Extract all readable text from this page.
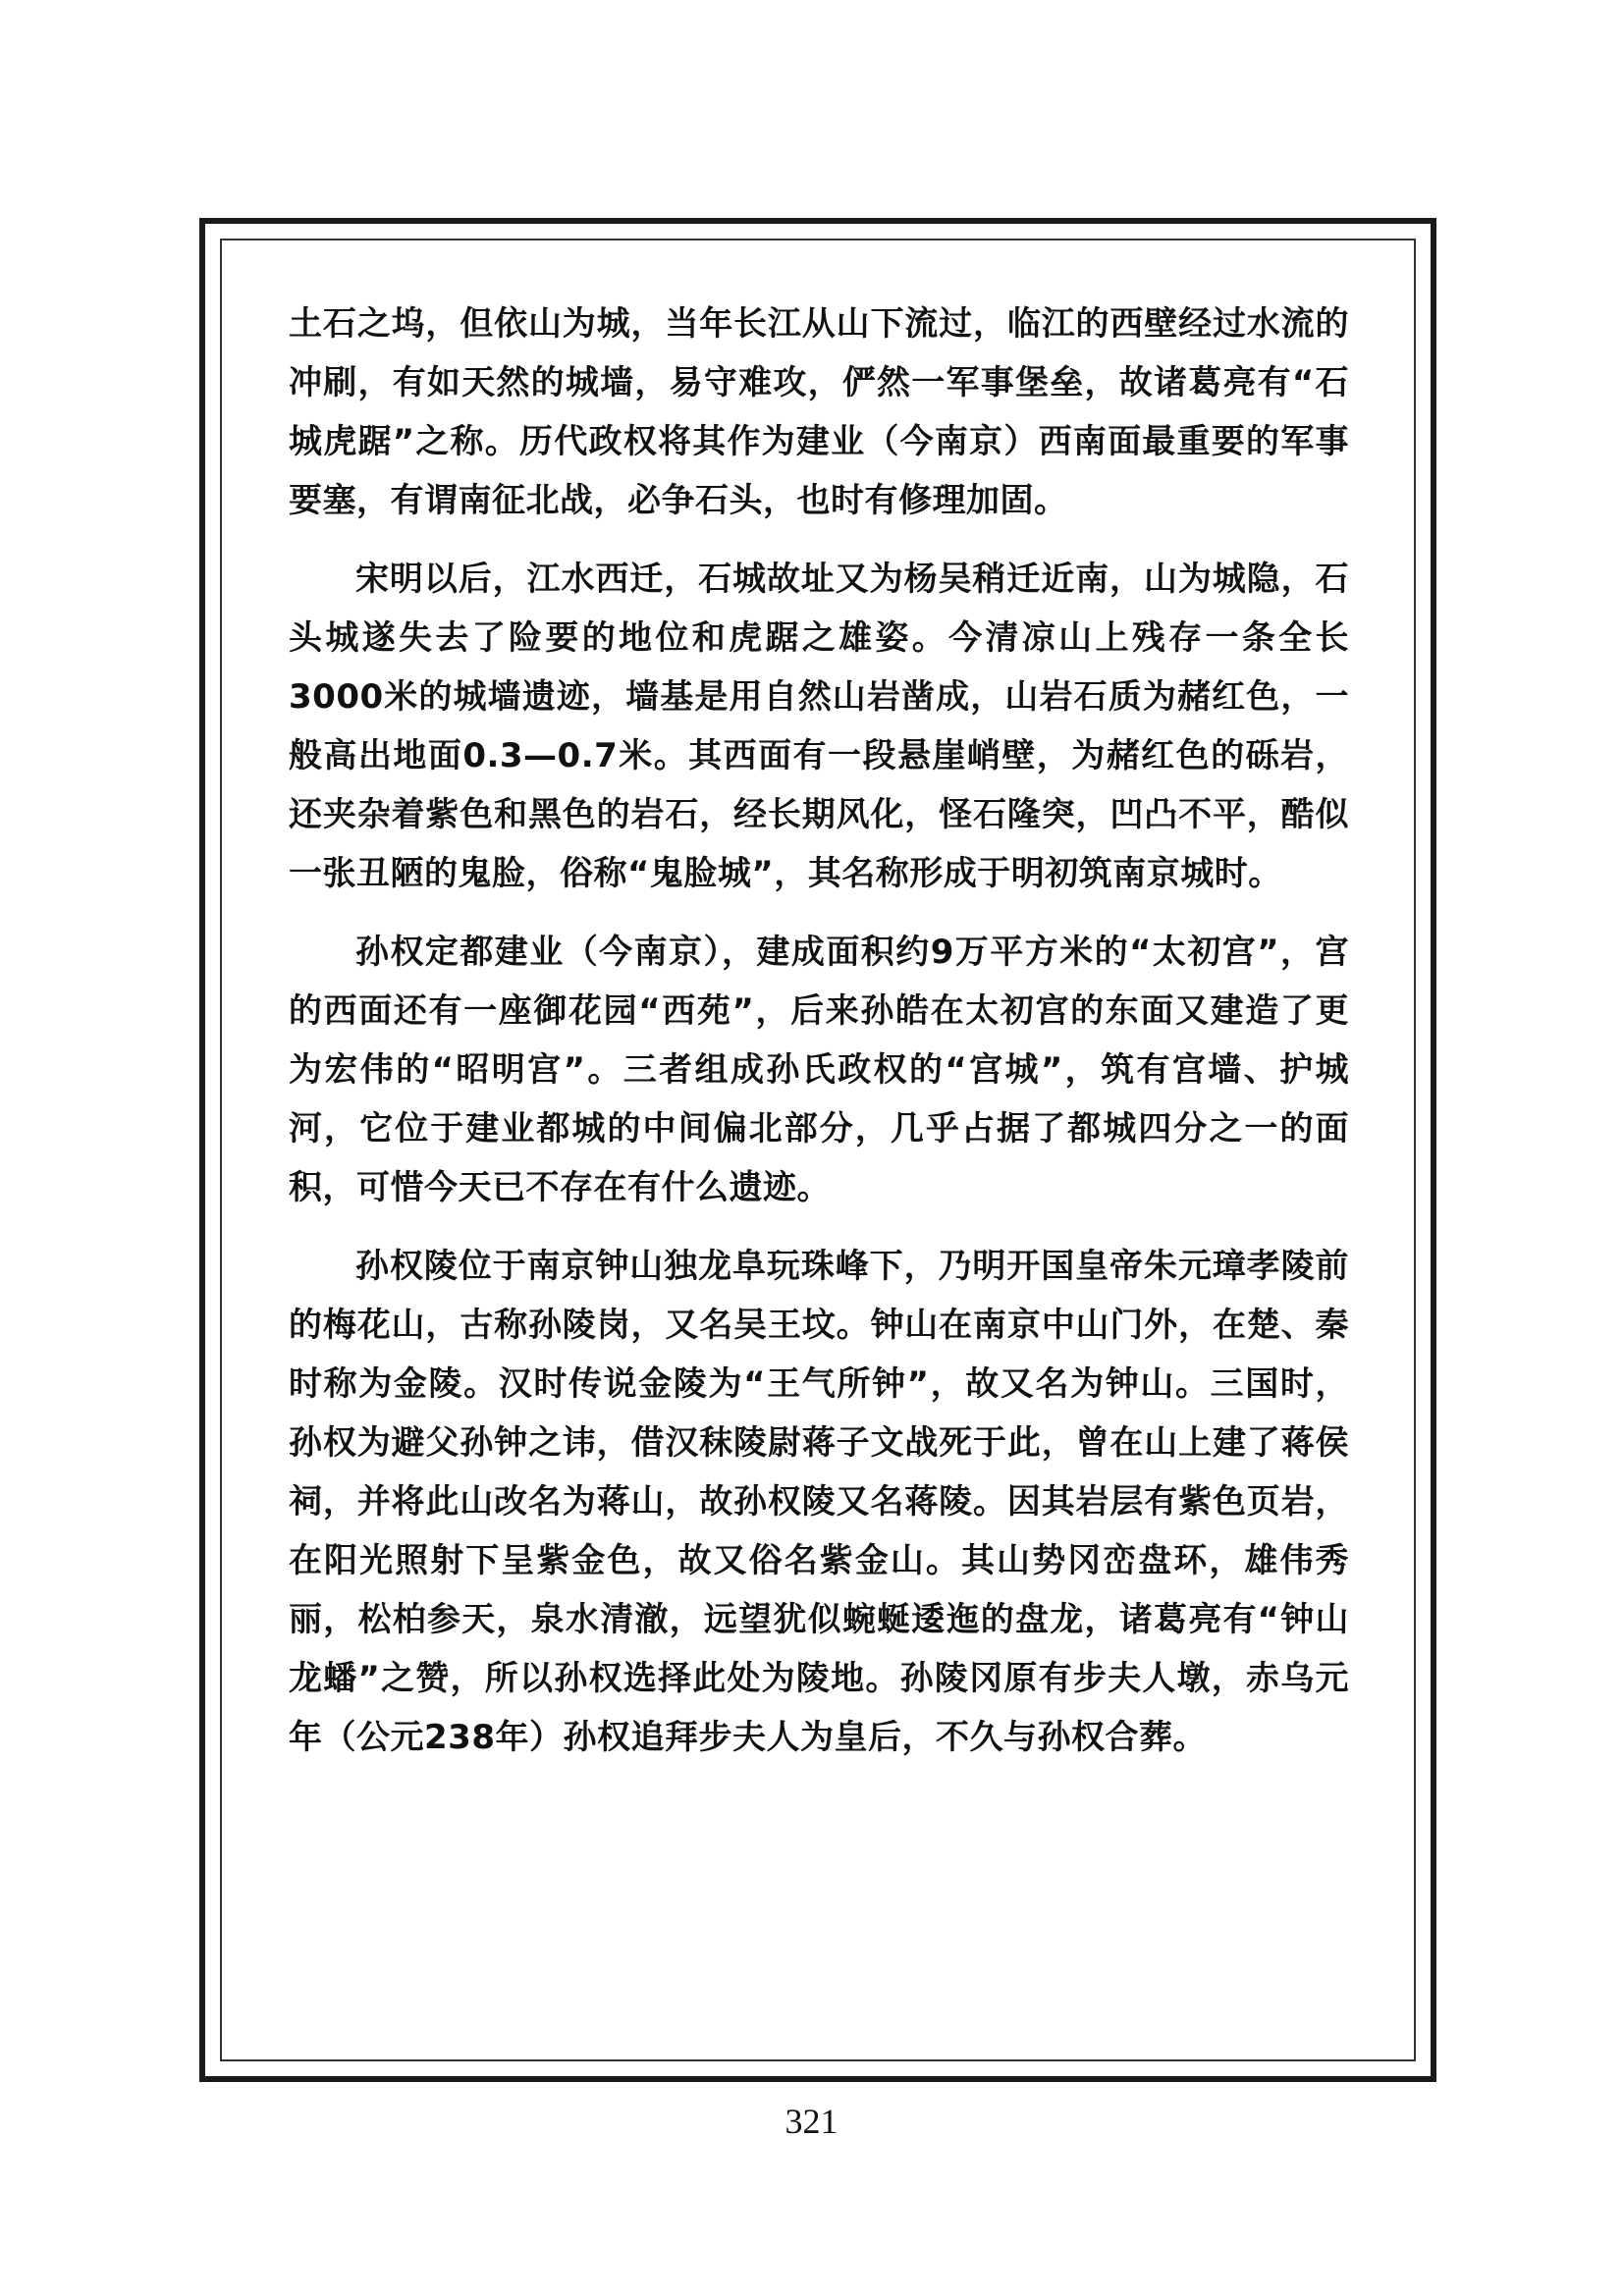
土石之坞，但依山为城，当年长江从山下流过，临江的西壁经过水流的冲刷，有如天然的城墙，易守难攻，俨然一军事堡垒，故诸葛亮有“石城虎踞”之称。历代政权将其作为建业（今南京）西南面最重要的军事要塞，有谓南征北战，必争石头，也时有修理加固。

宋明以后，江水西迁，石城故址又为杨吴稍迁近南，山为城隐，石头城遂失去了险要的地位和虎踞之雄姿。今清凉山上残存一条全长3000米的城墙遗迹，墙基是用自然山岩凿成，山岩石质为赭红色，一般高出地面0.3—0.7米。其西面有一段悬崖峭壁，为赭红色的砾岩，还夹杂着紫色和黑色的岩石，经长期风化，怪石隆突，凹凸不平，酷似一张丑陋的鬼脸，俗称“鬼脸城”，其名称形成于明初筑南京城时。

孙权定都建业（今南京），建成面积约9万平方米的“太初宫”，宫的西面还有一座御花园“西苑”，后来孙皓在太初宫的东面又建造了更为宏伟的“昭明宫”。三者组成孙氏政权的“宫城”，筑有宫墙、护城河，它位于建业都城的中间偏北部分，几乎占据了都城四分之一的面积，可惜今天已不存在有什么遗迹。

孙权陵位于南京钟山独龙阜玩珠峰下，乃明开国皇帝朱元璋孝陵前的梅花山，古称孙陵岗，又名吴王坟。钟山在南京中山门外，在楚、秦时称为金陵。汉时传说金陵为“王气所钟”，故又名为钟山。三国时，孙权为避父孙钟之讳，借汉秣陵尉蒋子文战死于此，曾在山上建了蒋侯祠，并将此山改名为蒋山，故孙权陵又名蒋陵。因其岩层有紫色页岩，在阳光照射下呈紫金色，故又俗名紫金山。其山势冈峦盘环，雄伟秀丽，松柏参天，泉水清澈，远望犹似蜿蜒逶迤的盘龙，诸葛亮有“钟山龙蟠”之赞，所以孙权选择此处为陵地。孙陵冈原有步夫人墩，赤乌元年（公元238年）孙权追拜步夫人为皇后，不久与孙权合葬。

321
